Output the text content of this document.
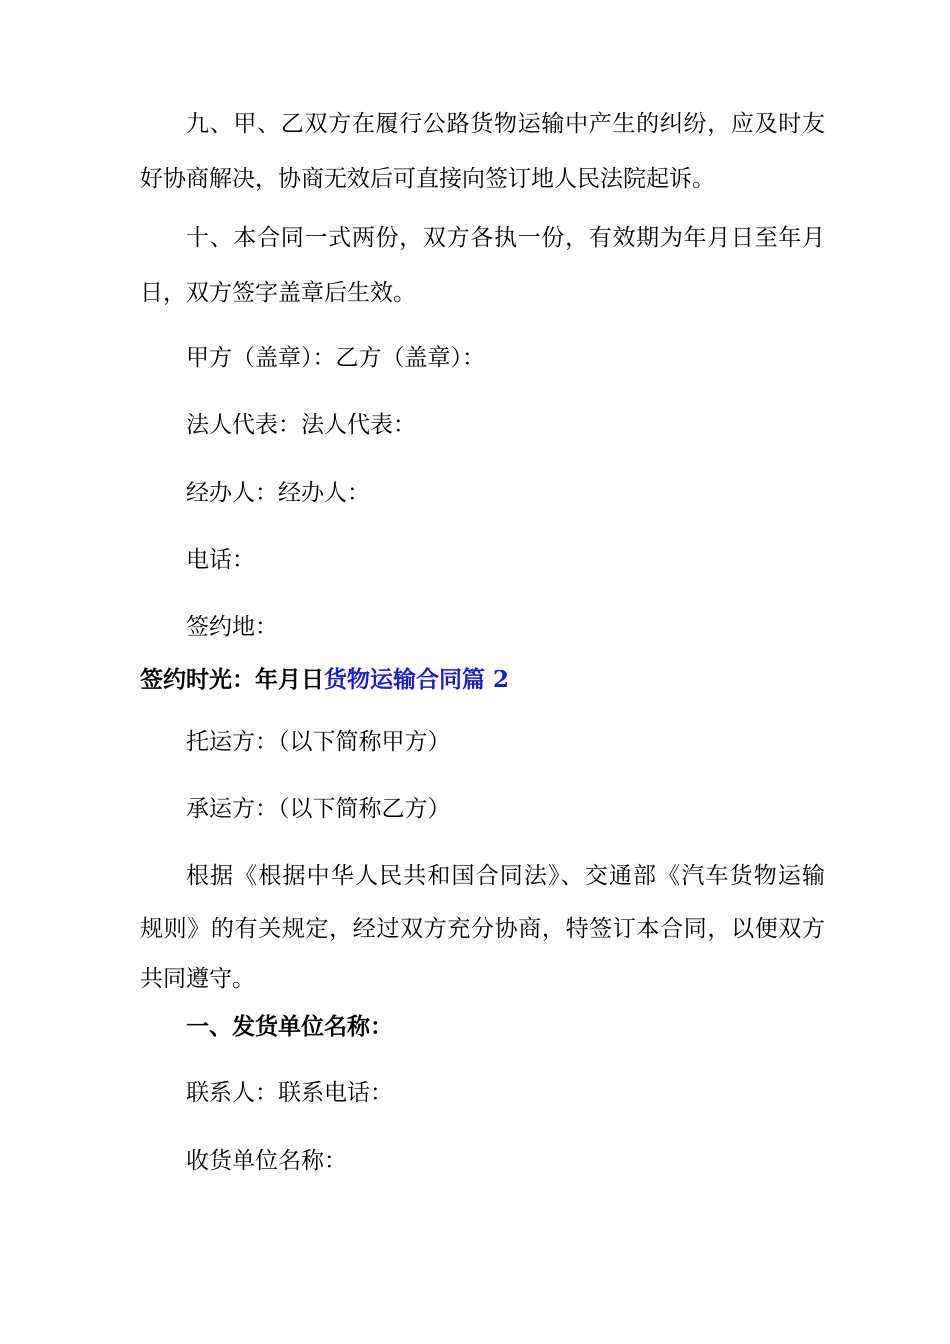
九、甲、乙双方在履行公路货物运输中产生的纠纷，应及时友
好协商解决，协商无效后可直接向签订地人民法院起诉。
十、本合同一式两份，双方各执一份，有效期为年月日至年月
日，双方签字盖章后生效。
甲方（盖章）：乙方（盖章）：
法人代表：法人代表：
经办人：经办人：
电话：
签约地：
签约时光：年月日货物运输合同篇 2
托运方：（以下简称甲方）
承运方：（以下简称乙方）
根据《根据中华人民共和国合同法》、交通部《汽车货物运输
规则》的有关规定，经过双方充分协商，特签订本合同，以便双方
共同遵守。
一、发货单位名称：
联系人：联系电话：
收货单位名称：
